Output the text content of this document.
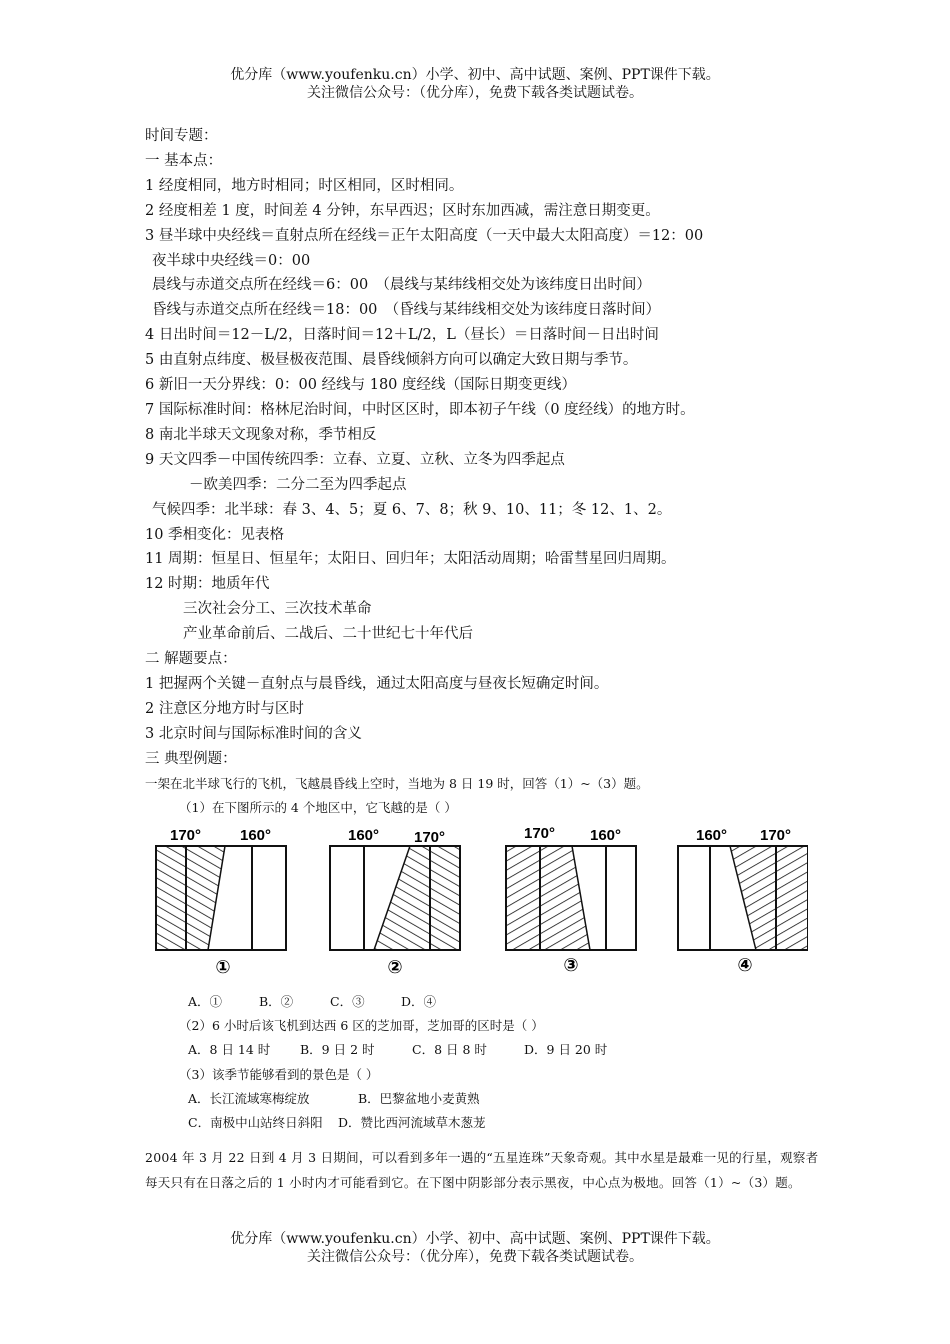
优分库（www.youfenku.cn）小学、初中、高中试题、案例、PPT课件下载。
关注微信公众号：（优分库），免费下载各类试题试卷。
时间专题：
一 基本点：
1 经度相同，地方时相同；时区相同，区时相同。
2 经度相差 1 度，时间差 4 分钟，东早西迟；区时东加西减，需注意日期变更。
3 昼半球中央经线＝直射点所在经线＝正午太阳高度（一天中最大太阳高度）＝12：00
夜半球中央经线＝0：00
晨线与赤道交点所在经线＝6：00　（晨线与某纬线相交处为该纬度日出时间）
昏线与赤道交点所在经线＝18：00　（昏线与某纬线相交处为该纬度日落时间）
4 日出时间＝12－L/2，日落时间＝12＋L/2，L（昼长）＝日落时间－日出时间
5 由直射点纬度、极昼极夜范围、晨昏线倾斜方向可以确定大致日期与季节。
6 新旧一天分界线：0：00 经线与 180 度经线（国际日期变更线）
7 国际标准时间：格林尼治时间，中时区区时，即本初子午线（0 度经线）的地方时。
8 南北半球天文现象对称，季节相反
9 天文四季－中国传统四季：立春、立夏、立秋、立冬为四季起点
－欧美四季：二分二至为四季起点
气候四季：北半球：春 3、4、5；夏 6、7、8；秋 9、10、11；冬 12、1、2。
10 季相变化：见表格
11 周期：恒星日、恒星年；太阳日、回归年；太阳活动周期；哈雷彗星回归周期。
12 时期：地质年代
三次社会分工、三次技术革命
产业革命前后、二战后、二十世纪七十年代后
二 解题要点：
1 把握两个关键－直射点与晨昏线，通过太阳高度与昼夜长短确定时间。
2 注意区分地方时与区时
3 北京时间与国际标准时间的含义
三 典型例题：
一架在北半球飞行的飞机，飞越晨昏线上空时，当地为 8 日 19 时，回答（1）~（3）题。
（1）在下图所示的 4 个地区中，它飞越的是（ ）
A．①	B．②	C．③	D．④
（2）6 小时后该飞机到达西 6 区的芝加哥，芝加哥的区时是（ ）
A．8 日 14 时 B．9 日 2 时	C．8 日 8 时	D．9 日 20 时
（3）该季节能够看到的景色是（ ）
A．长江流域寒梅绽放	B．巴黎盆地小麦黄熟
C．南极中山站终日斜阳 D．赞比西河流域草木葱茏
170°	160°
①
160° 170°
②
170° 160°
③
160° 170°
④
2004 年 3 月 22 日到 4 月 3 日期间，可以看到多年一遇的“五星连珠”天象奇观。其中水星是最难一见的行星，观察者每天只有在日落之后的 1 小时内才可能看到它。在下图中阴影部分表示黑夜，中心点为极地。回答（1）~（3）题。
优分库（www.youfenku.cn）小学、初中、高中试题、案例、PPT课件下载。
关注微信公众号：（优分库），免费下载各类试题试卷。
